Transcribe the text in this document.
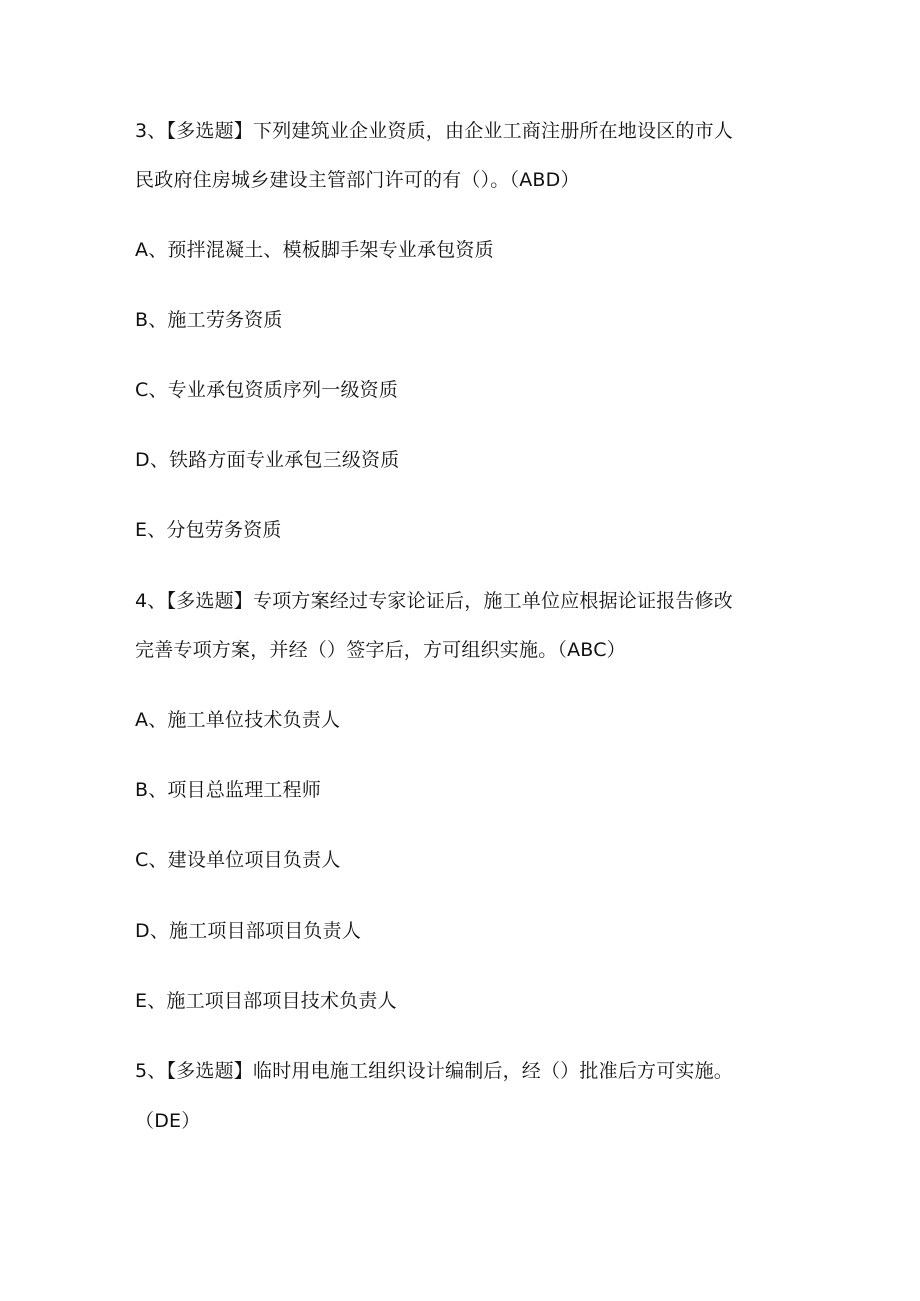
3、【多选题】下列建筑业企业资质，由企业工商注册所在地设区的市人
民政府住房城乡建设主管部门许可的有（）。（ABD）
A、预拌混凝土、模板脚手架专业承包资质
B、施工劳务资质
C、专业承包资质序列一级资质
D、铁路方面专业承包三级资质
E、分包劳务资质
4、【多选题】专项方案经过专家论证后，施工单位应根据论证报告修改
完善专项方案，并经（）签字后，方可组织实施。（ABC）
A、施工单位技术负责人
B、项目总监理工程师
C、建设单位项目负责人
D、施工项目部项目负责人
E、施工项目部项目技术负责人
5、【多选题】临时用电施工组织设计编制后，经（）批准后方可实施。
（DE）
